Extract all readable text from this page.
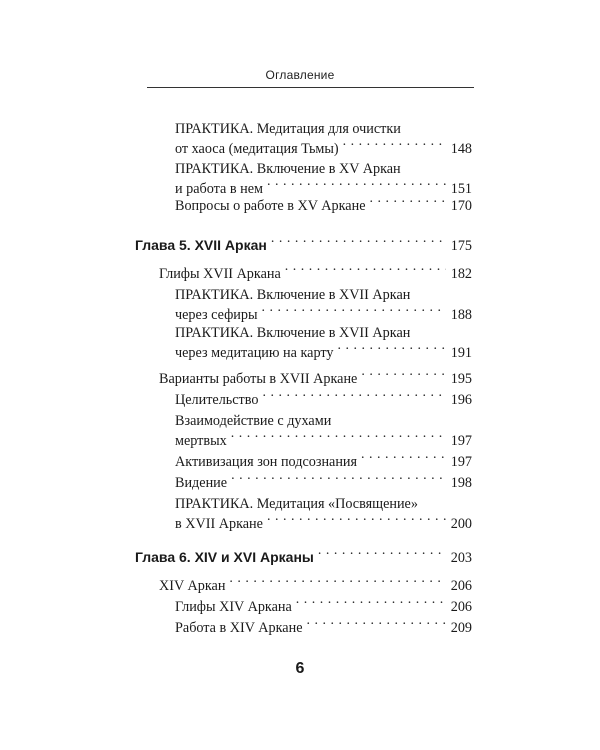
Оглавление
ПРАКТИКА. Медитация для очистки
от хаоса (медитация Тьмы) . . .	148
ПРАКТИКА. Включение в XV Аркан
и работа в нем . . .	151
Вопросы о работе в XV Аркане . . .	170
Глава 5. XVII Аркан . . .	175
Глифы XVII Аркана . . .	182
ПРАКТИКА. Включение в XVII Аркан
через сефиры . . .	188
ПРАКТИКА. Включение в XVII Аркан
через медитацию на карту . . .	191
Варианты работы в XVII Аркане . . .	195
Целительство . . .	196
Взаимодействие с духами
мертвых . . .	197
Активизация зон подсознания . . .	197
Видение . . .	198
ПРАКТИКА. Медитация «Посвящение»
в XVII Аркане . . .	200
Глава 6. XIV и XVI Арканы . . .	203
XIV Аркан . . .	206
Глифы XIV Аркана . . .	206
Работа в XIV Аркане . . .	209
6
